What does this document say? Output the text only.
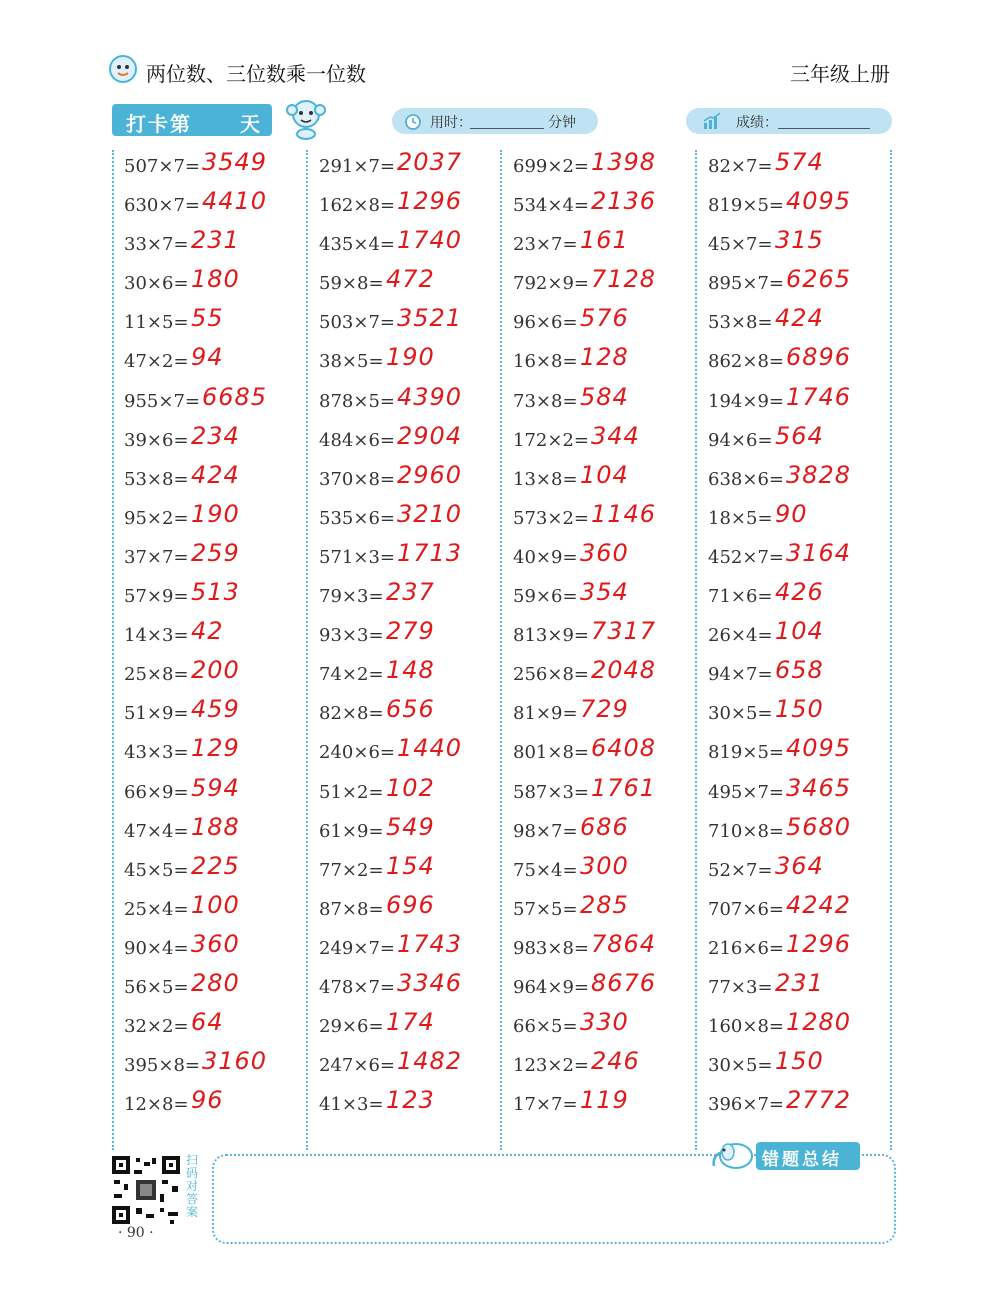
两位数、三位数乘一位数	三年级上册
打卡第 天	用时：	分钟	成绩：
507×7= 3549
630×7= 4410
33×7= 231
30×6= 180
11×5= 55
47×2= 94
955×7= 6685
39×6= 234
53×8= 424
95×2= 190
37×7= 259
57×9= 513
14×3= 42
25×8= 200
51×9= 459
43×3= 129
66×9= 594
47×4= 188
45×5= 225
25×4= 100
90×4= 360
56×5= 280
32×2= 64
395×8= 3160
12×8= 96
291×7= 2037
162×8= 1296
435×4= 1740
59×8= 472
503×7= 3521
38×5= 190
878×5= 4390
484×6= 2904
370×8= 2960
535×6= 3210
571×3= 1713
79×3= 237
93×3= 279
74×2= 148
82×8= 656
240×6= 1440
51×2= 102
61×9= 549
77×2= 154
87×8= 696
249×7= 1743
478×7= 3346
29×6= 174
247×6= 1482
41×3= 123
699×2= 1398
534×4= 2136
23×7= 161
792×9= 7128
96×6= 576
16×8= 128
73×8= 584
172×2= 344
13×8= 104
573×2= 1146
40×9= 360
59×6= 354
813×9= 7317
256×8= 2048
81×9= 729
801×8= 6408
587×3= 1761
98×7= 686
75×4= 300
57×5= 285
983×8= 7864
964×9= 8676
66×5= 330
123×2= 246
17×7= 119
82×7= 574
819×5= 4095
45×7= 315
895×7= 6265
53×8= 424
862×8= 6896
194×9= 1746
94×6= 564
638×6= 3828
18×5= 90
452×7= 3164
71×6= 426
26×4= 104
94×7= 658
30×5= 150
819×5= 4095
495×7= 3465
710×8= 5680
52×7= 364
707×6= 4242
216×6= 1296
77×3= 231
160×8= 1280
30×5= 150
396×7= 2772
扫码对答案
· 90 ·
错题总结
